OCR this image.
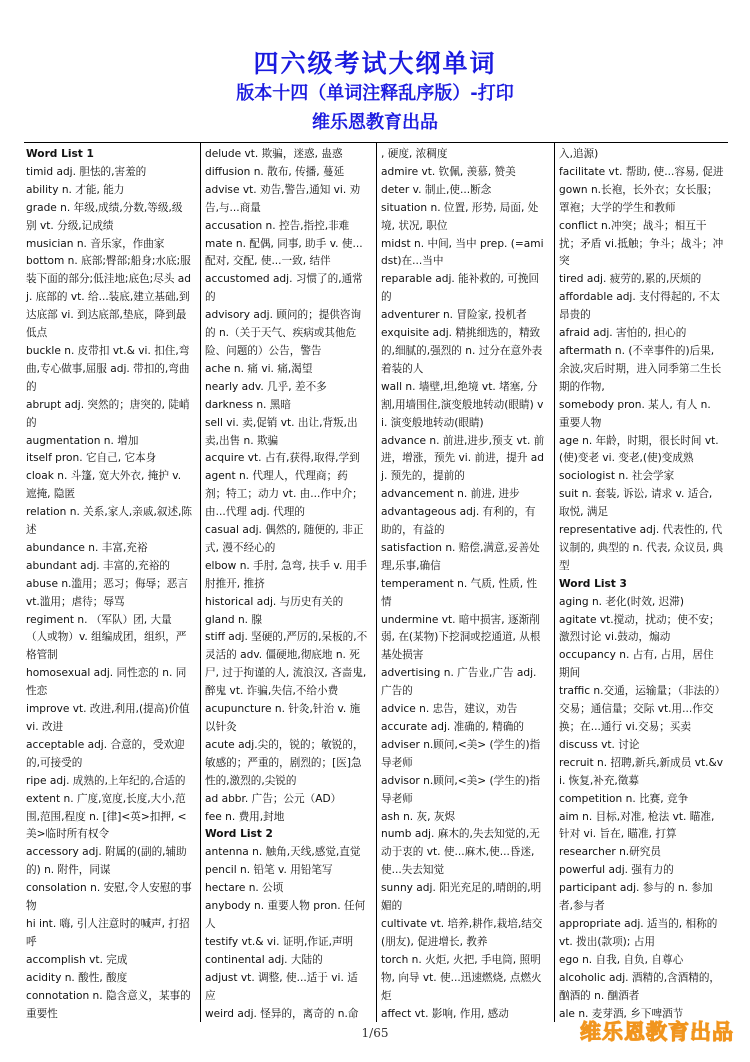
四六级考试大纲单词
版本十四（单词注释乱序版）-打印
维乐恩教育出品
Word List 1
timid adj. 胆怯的,害羞的
ability n. 才能, 能力
grade n. 年级,成绩,分数,等级,级别 vt. 分级,记成绩
musician n. 音乐家，作曲家
bottom n. 底部;臀部;船身;水底;服装下面的部分;低洼地;底色;尽头 adj. 底部的 vt. 给...装底,建立基础,到达底部 vi. 到达底部,垫底，降到最低点
buckle n. 皮带扣 vt.& vi. 扣住,弯曲,专心做事,屈服 adj. 带扣的,弯曲的
abrupt adj. 突然的；唐突的, 陡峭的
augmentation n. 增加
itself pron. 它自己, 它本身
cloak n. 斗篷, 宽大外衣, 掩护 v. 遮掩, 隐匿
relation n. 关系,家人,亲戚,叙述,陈述
abundance n. 丰富,充裕
abundant adj. 丰富的,充裕的
abuse n.滥用；恶习；侮辱；恶言 vt.滥用；虐待；辱骂
regiment n. （军队）团, 大量（人或物）v. 组编成团，组织，严格管制
homosexual adj. 同性恋的 n. 同性恋
improve vt. 改进,利用,(提高)价值 vi. 改进
acceptable adj. 合意的，受欢迎的,可接受的
ripe adj. 成熟的,上年纪的,合适的
extent n. 广度,宽度,长度,大小,范围,范围,程度 n. [律]<英>扣押, <美>临时所有权令
accessory adj. 附属的(副的,辅助的) n. 附件，同谋
consolation n. 安慰,令人安慰的事物
hi int. 嗨, 引人注意时的喊声, 打招呼
accomplish vt. 完成
acidity n. 酸性, 酸度
connotation n. 隐含意义，某事的重要性
delude vt. 欺骗，迷惑, 蛊惑
diffusion n. 散布, 传播, 蔓延
advise vt. 劝告,警告,通知 vi. 劝告,与...商量
accusation n. 控告,指控,非难
mate n. 配偶, 同事, 助手 v. 使...配对, 交配, 使...一致, 结伴
accustomed adj. 习惯了的,通常的
advisory adj. 顾问的；提供咨询的 n.（关于天气、疾病或其他危险、问题的）公告，警告
ache n. 痛 vi. 痛,渴望
nearly adv. 几乎, 差不多
darkness n. 黑暗
sell vi. 卖,促销 vt. 出让,背叛,出卖,出售 n. 欺骗
acquire vt. 占有,获得,取得,学到
agent n. 代理人，代理商；药剂；特工；动力 vt. 由...作中介；由...代理 adj. 代理的
casual adj. 偶然的, 随便的, 非正式, 漫不经心的
elbow n. 手肘, 急弯, 扶手 v. 用手肘推开, 推挤
historical adj. 与历史有关的
gland n. 腺
stiff adj. 坚硬的,严厉的,呆板的,不灵活的 adv. 僵硬地,彻底地 n. 死尸, 过于拘谨的人, 流浪汉, 吝啬鬼, 醉鬼 vt. 诈骗,失信,不给小费
acupuncture n. 针灸,针治 v. 施以针灸
acute adj.尖的，锐的；敏锐的，敏感的；严重的，剧烈的；[医]急性的,激烈的,尖锐的
ad abbr. 广告；公元（AD）
fee n. 费用,封地
Word List 2
antenna n. 触角,天线,感觉,直觉
pencil n. 铅笔 v. 用铅笔写
hectare n. 公顷
anybody n. 重要人物 pron. 任何人
testify vt.& vi. 证明,作证,声明
continental adj. 大陆的
adjust vt. 调整, 使...适于 vi. 适应
weird adj. 怪异的，离奇的 n.命
, 硬度, 浓稠度
admire vt. 钦佩, 羡慕, 赞美
deter v. 制止,使...断念
situation n. 位置, 形势, 局面, 处境, 状况, 职位
midst n. 中间, 当中 prep. (=amidst)在...当中
reparable adj. 能补救的, 可挽回的
adventurer n. 冒险家, 投机者
exquisite adj. 精挑细选的，精致的,细腻的,强烈的 n. 过分在意外表着装的人
wall n. 墙壁,坦,绝境 vt. 堵塞, 分割,用墙围住,演变般地转动(眼睛) vi. 演变般地转动(眼睛)
advance n. 前进,进步,预支 vt. 前进，增涨，预先 vi. 前进，提升 adj. 预先的，提前的
advancement n. 前进, 进步
advantageous adj. 有利的，有助的，有益的
satisfaction n. 赔偿,满意,妥善处理,乐事,确信
temperament n. 气质, 性质, 性情
undermine vt. 暗中损害, 逐渐削弱, 在(某物)下挖洞或挖通道, 从根基处损害
advertising n. 广告业,广告 adj. 广告的
advice n. 忠告，建议，劝告
accurate adj. 准确的, 精确的
adviser n.顾问,<美> (学生的)指导老师
advisor n.顾问,<美> (学生的)指导老师
ash n. 灰, 灰烬
numb adj. 麻木的,失去知觉的,无动于衷的 vt. 使...麻木,使...昏迷,使...失去知觉
sunny adj. 阳光充足的,晴朗的,明媚的
cultivate vt. 培养,耕作,栽培,结交(朋友), 促进增长, 教养
torch n. 火炬, 火把, 手电筒, 照明物, 向导 vt. 使...迅速燃烧, 点燃火炬
affect vt. 影响, 作用, 感动
入,追源)
facilitate vt. 帮助, 使...容易, 促进
gown n.长袍，长外衣；女长服；罩袍；大学的学生和教师
conflict n.冲突；战斗；相互干扰；矛盾 vi.抵触；争斗；战斗；冲突
tired adj. 疲劳的,累的,厌烦的
affordable adj. 支付得起的, 不太昂贵的
afraid adj. 害怕的, 担心的
aftermath n. (不幸事件的)后果,余波,灾后时期，进入同季第二生长期的作物,
somebody pron. 某人, 有人 n. 重要人物
age n. 年龄，时期，很长时间 vt.(使)变老 vi. 变老,(使)变成熟
sociologist n. 社会学家
suit n. 套装, 诉讼, 请求 v. 适合, 取悦, 满足
representative adj. 代表性的, 代议制的, 典型的 n. 代表, 众议员, 典型
Word List 3
aging n. 老化(时效, 迟滞)
agitate vt.搅动，扰动；使不安；激烈讨论 vi.鼓动，煽动
occupancy n. 占有, 占用，居住期间
traffic n.交通，运输量；（非法的）交易；通信量；交际 vt.用...作交换；在...通行 vi.交易；买卖
discuss vt. 讨论
recruit n. 招聘,新兵,新成员 vt.&vi. 恢复,补充,徵募
competition n. 比赛, 竞争
aim n. 目标,对准, 枪法 vt. 瞄准, 针对 vi. 旨在, 瞄准, 打算
researcher n.研究员
powerful adj. 强有力的
participant adj. 参与的 n. 参加者,参与者
appropriate adj. 适当的, 相称的 vt. 拨出(款项); 占用
ego n. 自我, 自负, 自尊心
alcoholic adj. 酒精的,含酒精的，酗酒的 n. 酗酒者
ale n. 麦芽酒, 乡下啤酒节
1/65	维乐恩教育出品
